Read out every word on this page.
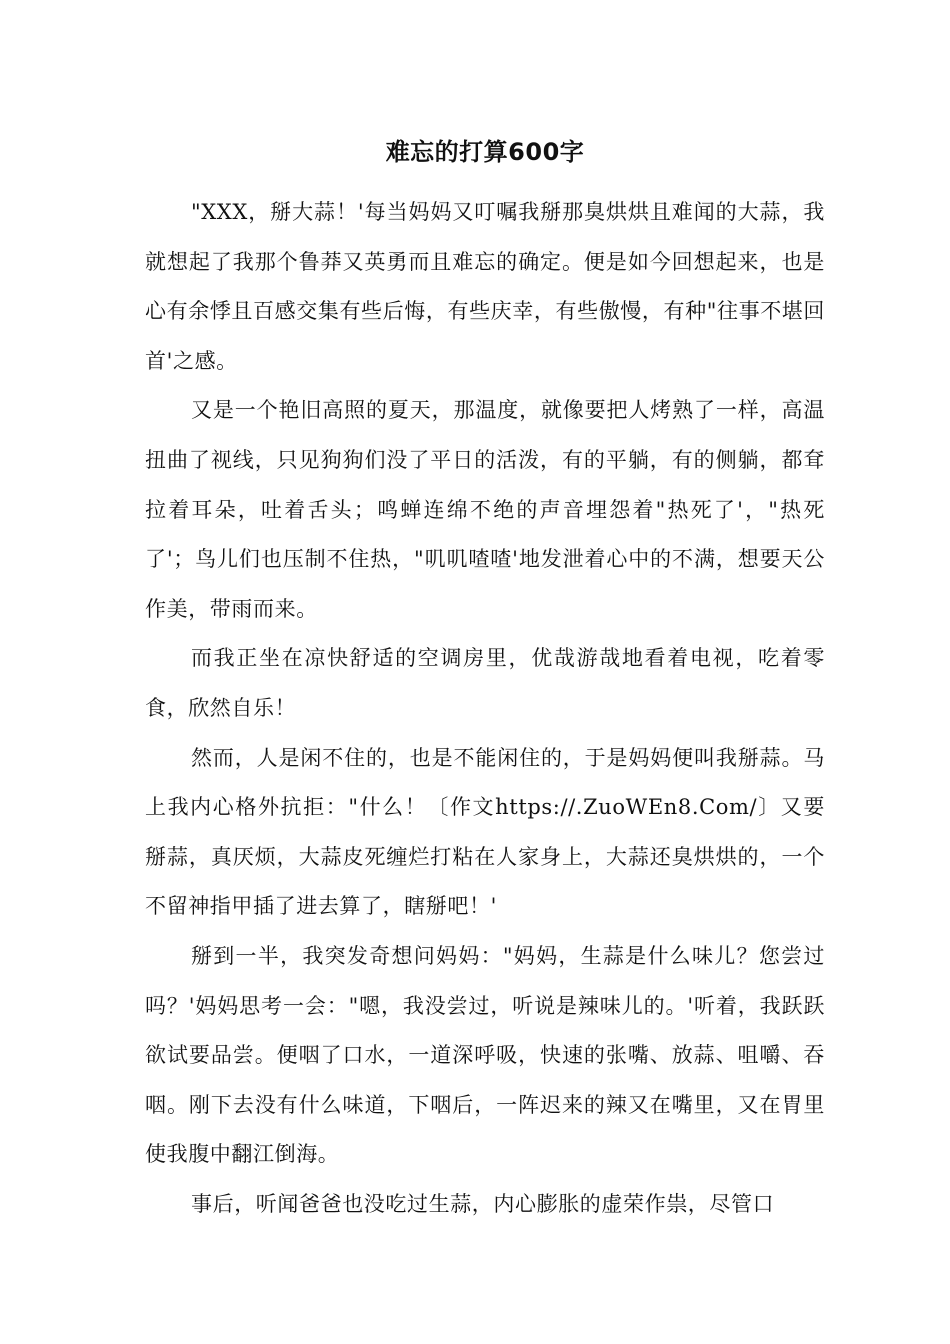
难忘的打算600字

"XXX，掰大蒜！'每当妈妈又叮嘱我掰那臭烘烘且难闻的大蒜，我就想起了我那个鲁莽又英勇而且难忘的确定。便是如今回想起来，也是心有余悸且百感交集有些后悔，有些庆幸，有些傲慢，有种"往事不堪回首'之感。

又是一个艳旧高照的夏天，那温度，就像要把人烤熟了一样，高温扭曲了视线，只见狗狗们没了平日的活泼，有的平躺，有的侧躺，都耷拉着耳朵，吐着舌头；鸣蝉连绵不绝的声音埋怨着"热死了'，"热死了'；鸟儿们也压制不住热，"叽叽喳喳'地发泄着心中的不满，想要天公作美，带雨而来。

而我正坐在凉快舒适的空调房里，优哉游哉地看着电视，吃着零食，欣然自乐！

然而，人是闲不住的，也是不能闲住的，于是妈妈便叫我掰蒜。马上我内心格外抗拒："什么！〔作文https://.ZuoWEn8.Com/〕又要掰蒜，真厌烦，大蒜皮死缠烂打粘在人家身上，大蒜还臭烘烘的，一个不留神指甲插了进去算了，瞎掰吧！'

掰到一半，我突发奇想问妈妈："妈妈，生蒜是什么味儿？您尝过吗？'妈妈思考一会："嗯，我没尝过，听说是辣味儿的。'听着，我跃跃欲试要品尝。便咽了口水，一道深呼吸，快速的张嘴、放蒜、咀嚼、吞咽。刚下去没有什么味道，下咽后，一阵迟来的辣又在嘴里，又在胃里使我腹中翻江倒海。

事后，听闻爸爸也没吃过生蒜，内心膨胀的虚荣作祟，尽管口
